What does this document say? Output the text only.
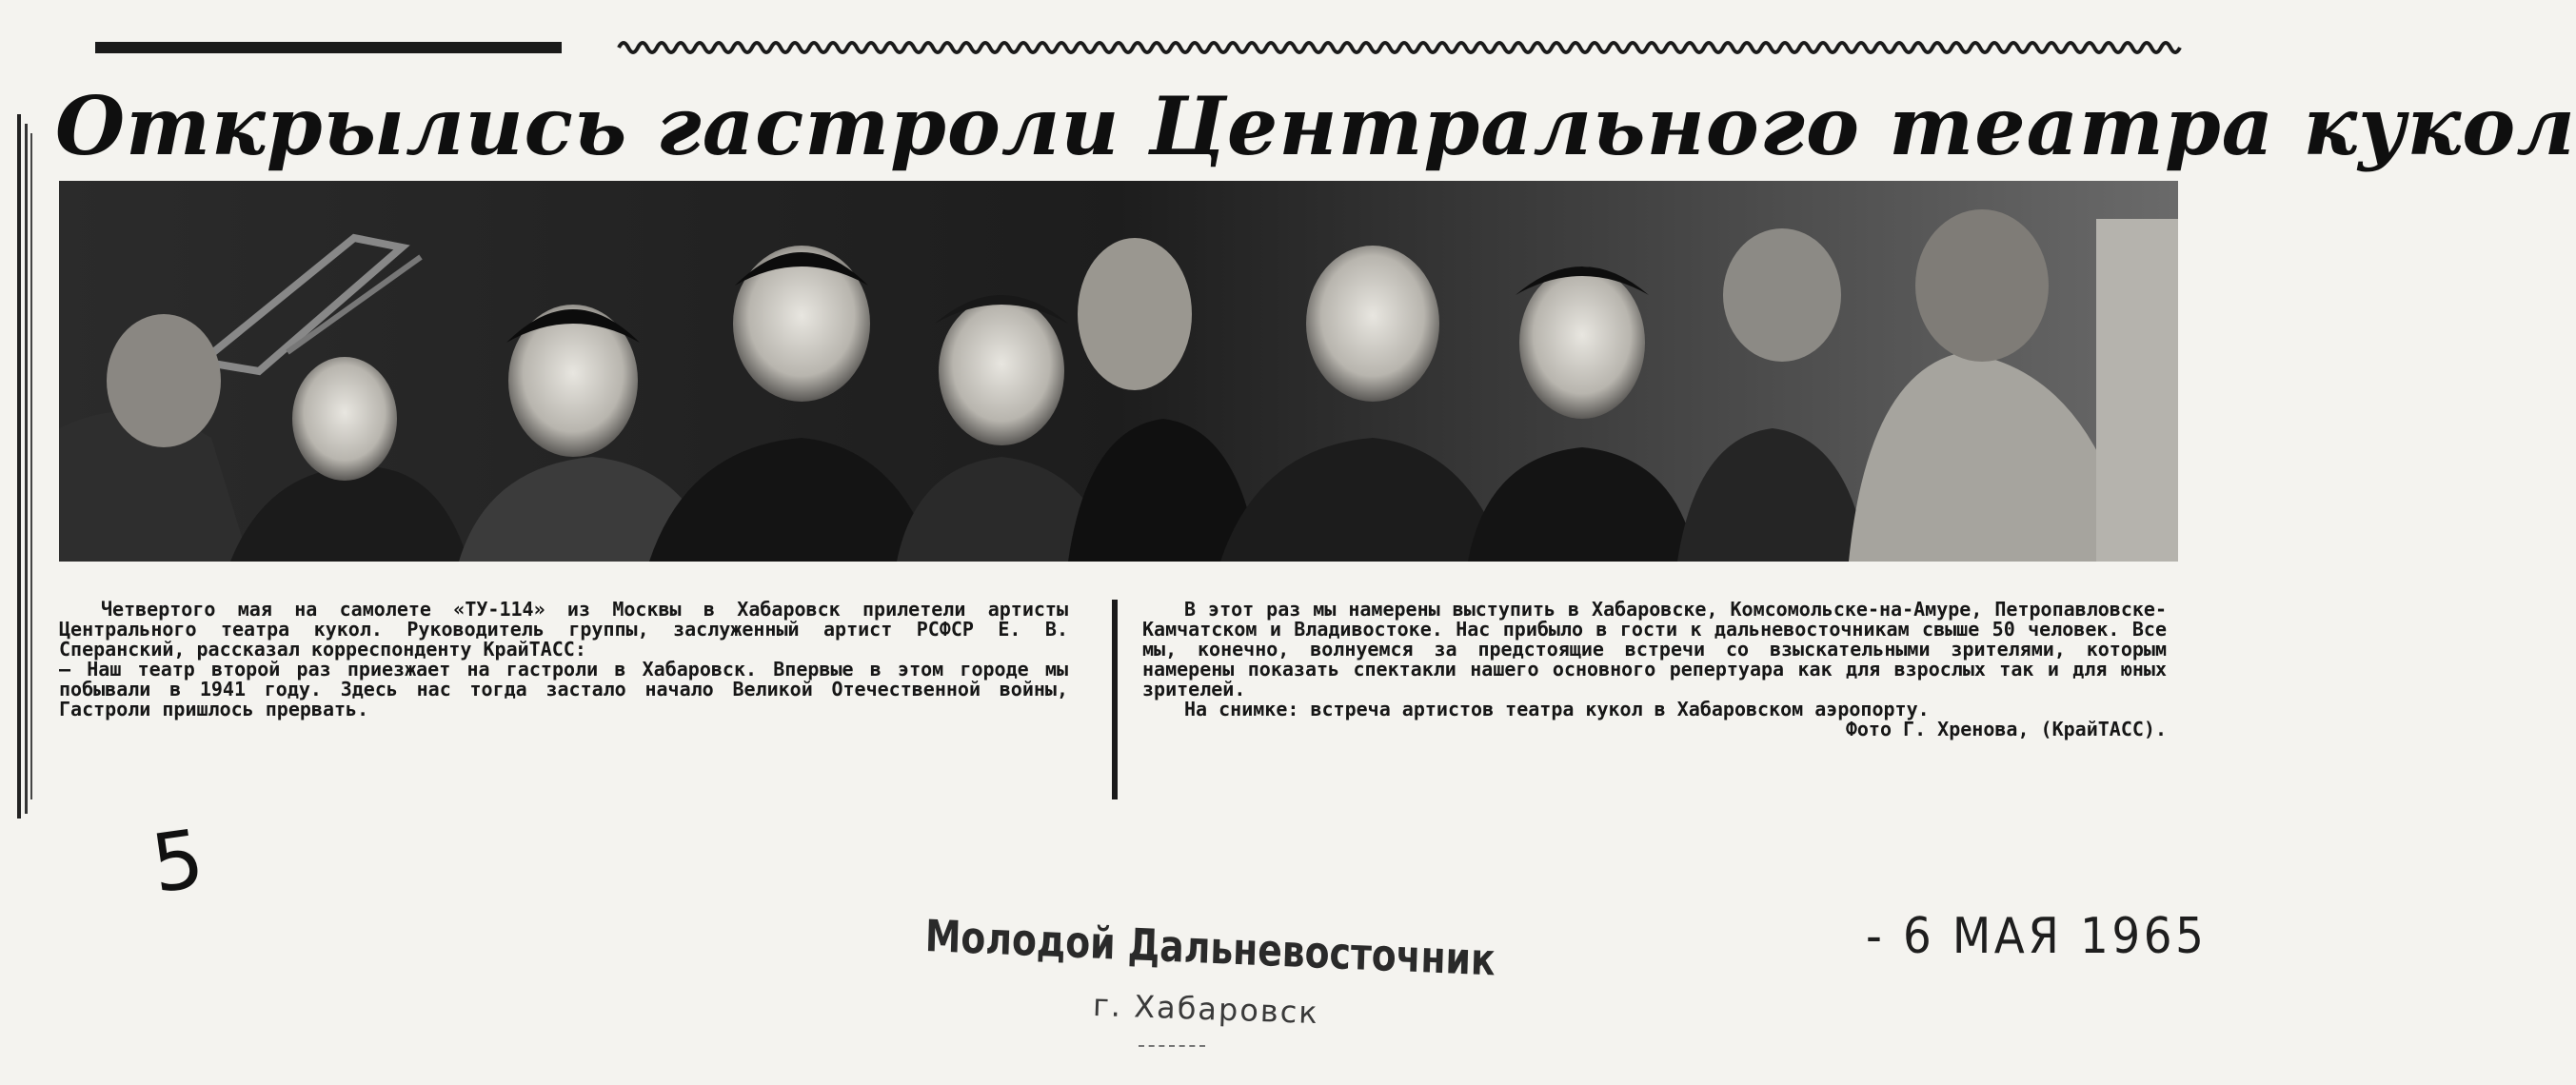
Открылись гастроли Центрального театра кукол

Четвертого мая на самолете «ТУ-114» из Москвы в Хабаровск прилетели артисты Центрального театра кукол. Руководитель группы, заслуженный артист РСФСР Е. В. Сперанский, рассказал корреспонденту КрайТАСС:

— Наш театр второй раз приезжает на гастроли в Хабаровск. Впервые в этом городе мы побывали в 1941 году. Здесь нас тогда застало начало Великой Отечественной войны, Гастроли пришлось прервать.

В этот раз мы намерены выступить в Хабаровске, Комсомольске-на-Амуре, Петропавловске-Камчатском и Владивостоке. Нас прибыло в гости к дальневосточникам свыше 50 человек. Все мы, конечно, волнуемся за предстоящие встречи со взыскательными зрителями, которым намерены показать спектакли нашего основного репертуара как для взрослых так и для юных зрителей.

На снимке: встреча артистов театра кукол в Хабаровском аэропорту.

Фото Г. Хренова, (КрайТАСС).

5
Молодой Дальневосточник
г. Хабаровск
- 6 МАЯ 1965
